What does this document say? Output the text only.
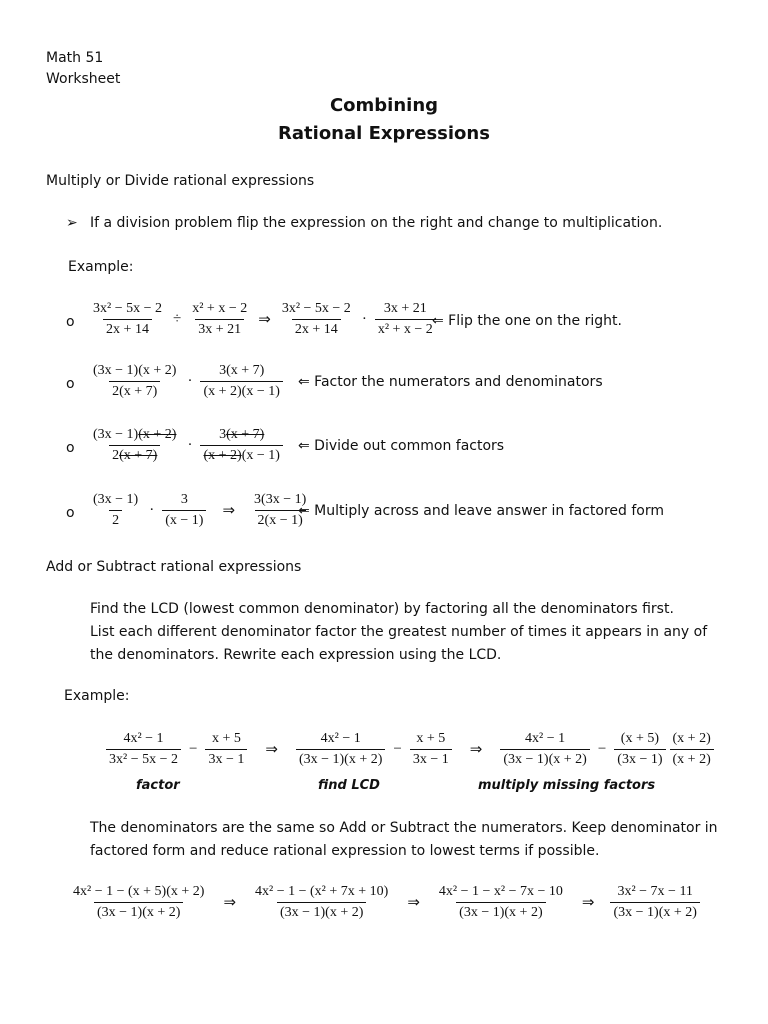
Math 51
Worksheet
Combining
Rational Expressions
Multiply or Divide rational expressions
➢ If a division problem flip the expression on the right and change to multiplication.
Example:
o $\frac{\text{3x² − 5x − 2}}{2x + 14} \div \frac{\text{x² + x − 2}}{3x + 21}$ ⇒ $\frac{\text{3x² − 5x − 2}}{2x + 14} \cdot \frac{3x + 21}{\text{x² + x − 2}}$
⇐ Flip the one on the right.
o $\frac{(3x - 1)(x + 2)}{2(x + 7)} \cdot \frac{3(x + 7)}{(x + 2)(x - 1)}$ ⇐ Factor the numerators and denominators
o $\frac{(3x - 1)(x + 2)}{2(x + 7)} \cdot \frac{3(x + 7)}{(x + 2)(x - 1)}$ ⇐ Divide out common factors
o $\frac{(3x - 1)}{2} \cdot \frac{3}{(x - 1)}$ ⇒ $\frac{3(3x - 1)}{2(x - 1)}$
⇐ Multiply across and leave answer in factored form
Add or Subtract rational expressions
Find the LCD (lowest common denominator) by factoring all the denominators first.
List each different denominator factor the greatest number of times it appears in any of
the denominators. Rewrite each expression using the LCD.
Example:
$\frac{\text{4x² − 1}}{\text{3x² − 5x − 2}} - \frac{x + 5}{3x - 1}$ ⇒ $\frac{\text{4x² − 1}}{(3x - 1)(x + 2)} - \frac{x + 5}{3x - 1}$ ⇒ $\frac{\text{4x² − 1}}{(3x - 1)(x + 2)} - \frac{(x + 5)}{(3x - 1)} \frac{(x + 2)}{(x + 2)}$
factor	find LCD	multiply missing factors
The denominators are the same so Add or Subtract the numerators. Keep denominator in
factored form and reduce rational expression to lowest terms if possible.
$\frac{\text{4x² − 1 − (x + 5)(x + 2)}}{(3x - 1)(x + 2)}$ ⇒ $\frac{\text{4x² − 1 − (x² + 7x + 10)}}{(3x - 1)(x + 2)}$ ⇒ $\frac{\text{4x² − 1 − x² − 7x − 10}}{(3x - 1)(x + 2)}$ ⇒ $\frac{\text{3x² − 7x − 11}}{(3x - 1)(x + 2)}$
